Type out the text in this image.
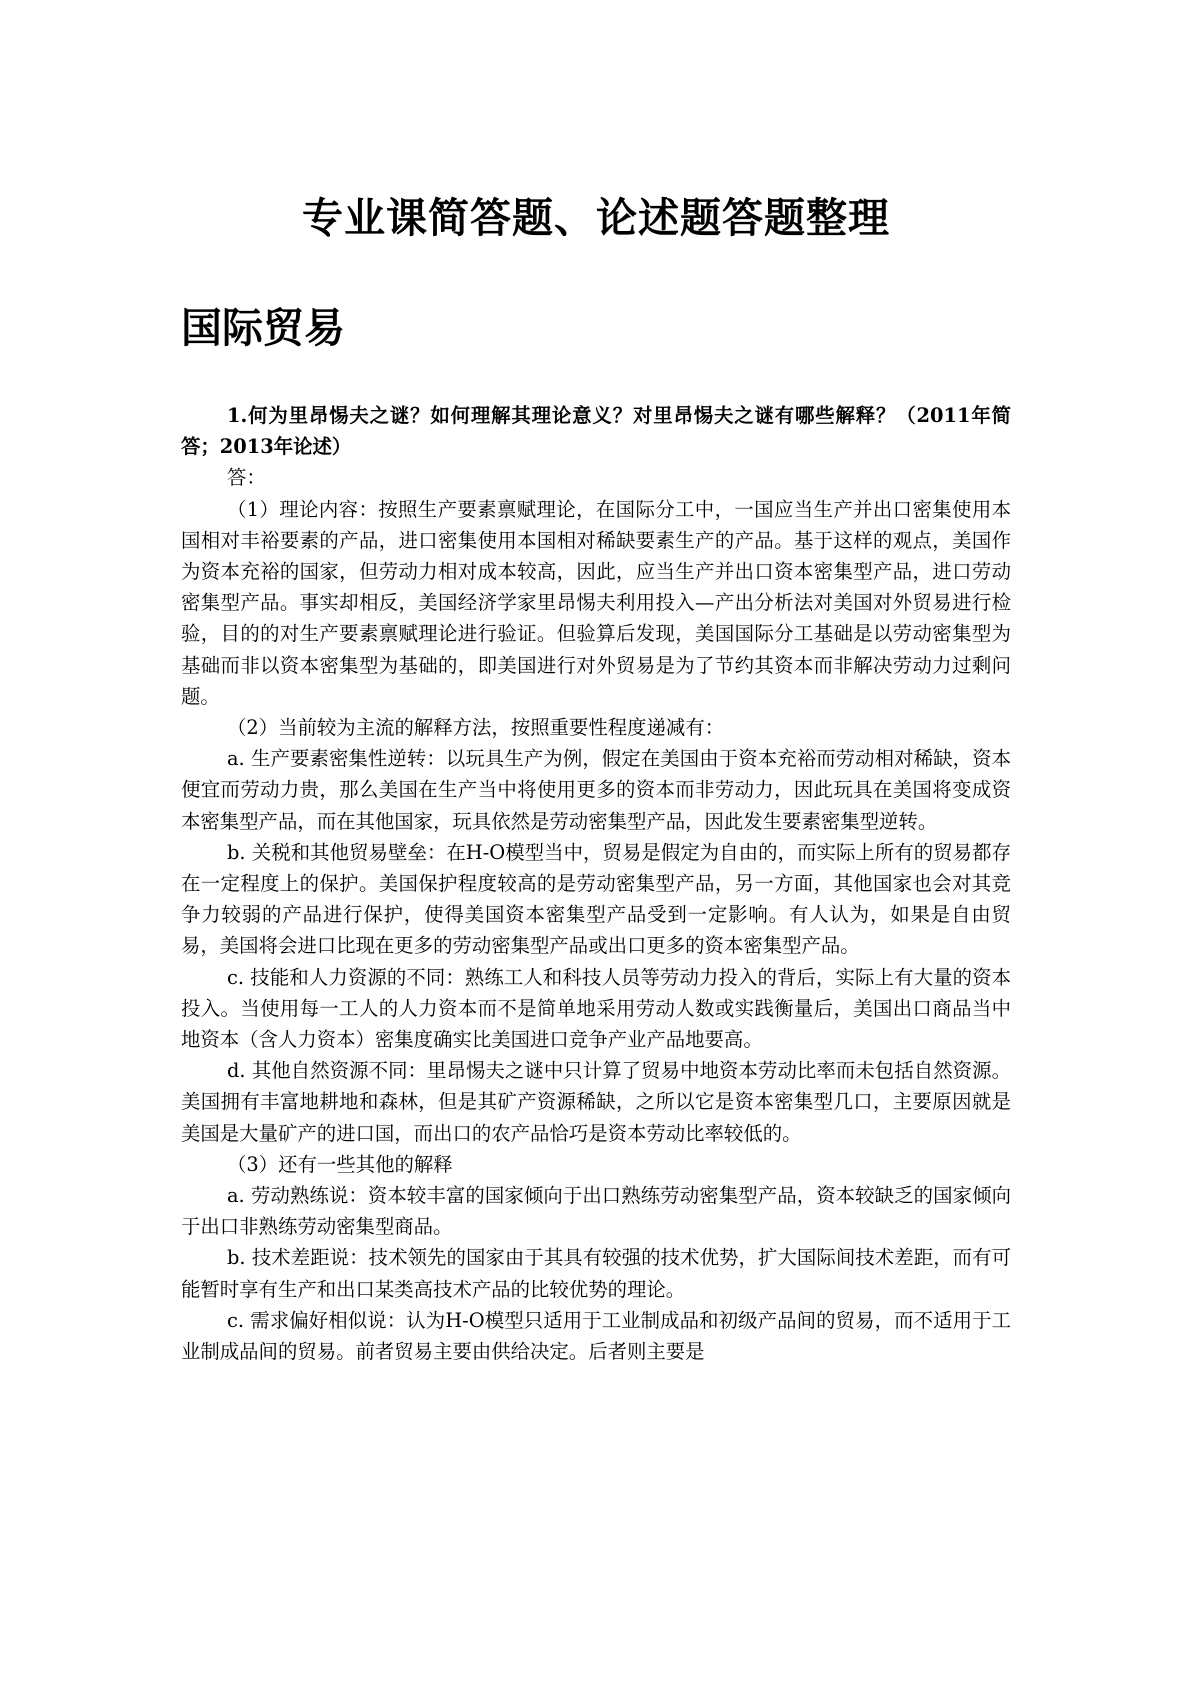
专业课简答题、论述题答题整理
国际贸易

1.何为里昂惕夫之谜？如何理解其理论意义？对里昂惕夫之谜有哪些解释？（2011年简答；2013年论述）

答：

（1）理论内容：按照生产要素禀赋理论，在国际分工中，一国应当生产并出口密集使用本国相对丰裕要素的产品，进口密集使用本国相对稀缺要素生产的产品。基于这样的观点，美国作为资本充裕的国家，但劳动力相对成本较高，因此，应当生产并出口资本密集型产品，进口劳动密集型产品。事实却相反，美国经济学家里昂惕夫利用投入—产出分析法对美国对外贸易进行检验，目的的对生产要素禀赋理论进行验证。但验算后发现，美国国际分工基础是以劳动密集型为基础而非以资本密集型为基础的，即美国进行对外贸易是为了节约其资本而非解决劳动力过剩问题。

（2）当前较为主流的解释方法，按照重要性程度递减有：

a. 生产要素密集性逆转：以玩具生产为例，假定在美国由于资本充裕而劳动相对稀缺，资本便宜而劳动力贵，那么美国在生产当中将使用更多的资本而非劳动力，因此玩具在美国将变成资本密集型产品，而在其他国家，玩具依然是劳动密集型产品，因此发生要素密集型逆转。

b. 关税和其他贸易壁垒：在H-O模型当中，贸易是假定为自由的，而实际上所有的贸易都存在一定程度上的保护。美国保护程度较高的是劳动密集型产品，另一方面，其他国家也会对其竞争力较弱的产品进行保护，使得美国资本密集型产品受到一定影响。有人认为，如果是自由贸易，美国将会进口比现在更多的劳动密集型产品或出口更多的资本密集型产品。

c. 技能和人力资源的不同：熟练工人和科技人员等劳动力投入的背后，实际上有大量的资本投入。当使用每一工人的人力资本而不是简单地采用劳动人数或实践衡量后，美国出口商品当中地资本（含人力资本）密集度确实比美国进口竞争产业产品地要高。

d. 其他自然资源不同：里昂惕夫之谜中只计算了贸易中地资本劳动比率而未包括自然资源。美国拥有丰富地耕地和森林，但是其矿产资源稀缺，之所以它是资本密集型几口，主要原因就是美国是大量矿产的进口国，而出口的农产品恰巧是资本劳动比率较低的。

（3）还有一些其他的解释

a. 劳动熟练说：资本较丰富的国家倾向于出口熟练劳动密集型产品，资本较缺乏的国家倾向于出口非熟练劳动密集型商品。

b. 技术差距说：技术领先的国家由于其具有较强的技术优势，扩大国际间技术差距，而有可能暂时享有生产和出口某类高技术产品的比较优势的理论。

c. 需求偏好相似说：认为H-O模型只适用于工业制成品和初级产品间的贸易，而不适用于工业制成品间的贸易。前者贸易主要由供给决定。后者则主要是
